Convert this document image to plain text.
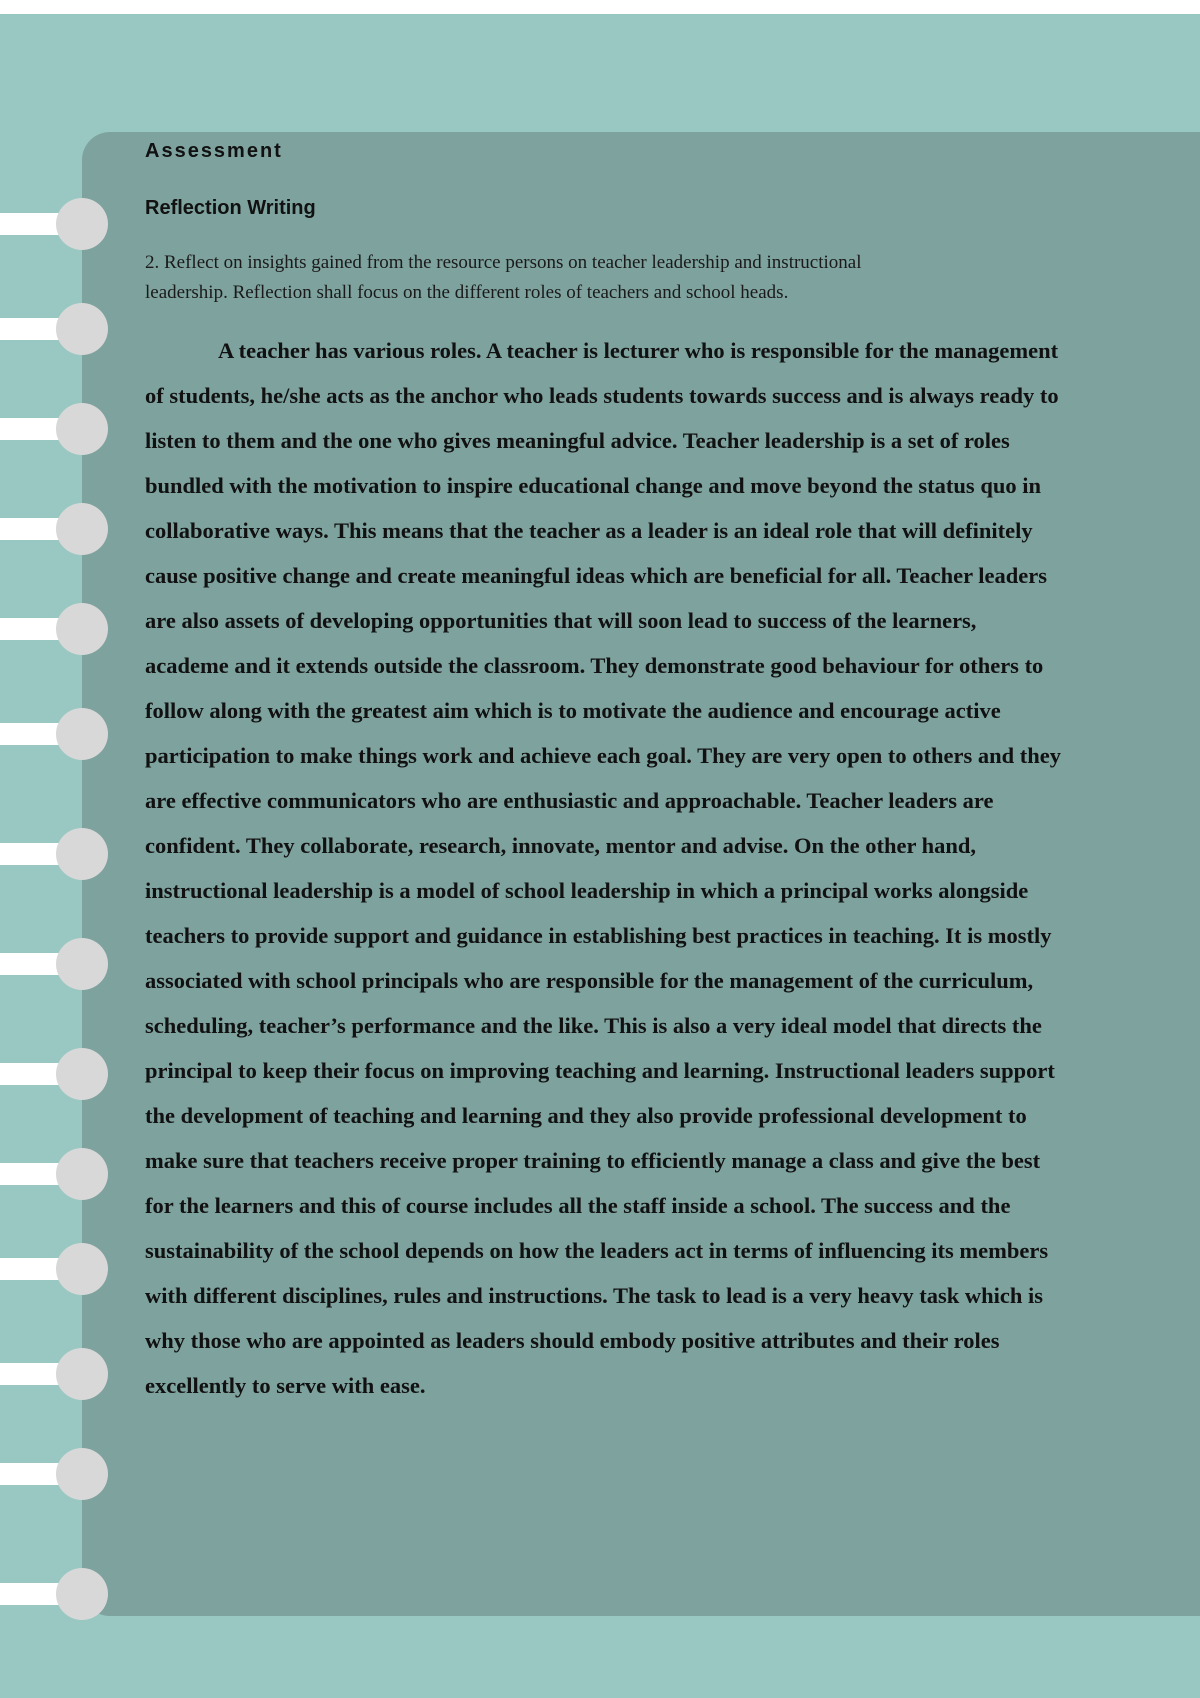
Assessment
Reflection Writing

2. Reflect on insights gained from the resource persons on teacher leadership and instructional leadership. Reflection shall focus on the different roles of teachers and school heads.

A teacher has various roles. A teacher is lecturer who is responsible for the management of students, he/she acts as the anchor who leads students towards success and is always ready to listen to them and the one who gives meaningful advice. Teacher leadership is a set of roles bundled with the motivation to inspire educational change and move beyond the status quo in collaborative ways. This means that the teacher as a leader is an ideal role that will definitely cause positive change and create meaningful ideas which are beneficial for all. Teacher leaders are also assets of developing opportunities that will soon lead to success of the learners, academe and it extends outside the classroom. They demonstrate good behaviour for others to follow along with the greatest aim which is to motivate the audience and encourage active participation to make things work and achieve each goal. They are very open to others and they are effective communicators who are enthusiastic and approachable. Teacher leaders are confident. They collaborate, research, innovate, mentor and advise. On the other hand, instructional leadership is a model of school leadership in which a principal works alongside teachers to provide support and guidance in establishing best practices in teaching. It is mostly associated with school principals who are responsible for the management of the curriculum, scheduling, teacher’s performance and the like. This is also a very ideal model that directs the principal to keep their focus on improving teaching and learning. Instructional leaders support the development of teaching and learning and they also provide professional development to make sure that teachers receive proper training to efficiently manage a class and give the best for the learners and this of course includes all the staff inside a school. The success and the sustainability of the school depends on how the leaders act in terms of influencing its members with different disciplines, rules and instructions. The task to lead is a very heavy task which is why those who are appointed as leaders should embody positive attributes and their roles excellently to serve with ease.
